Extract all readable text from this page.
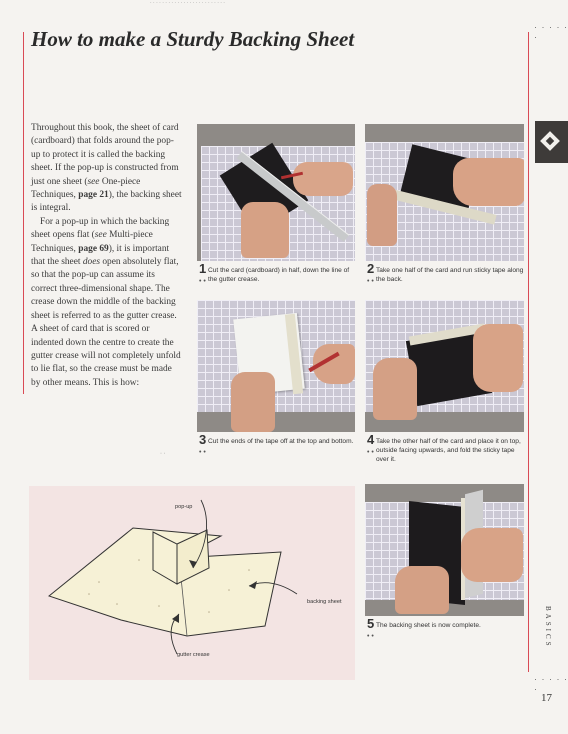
· · · · · · · · · · · · · · · · · · · · · · · · ·
How to make a Sturdy Backing Sheet	· · · · · ·
BASICS
· · · · · ·
17

Throughout this book, the sheet of card (cardboard) that folds around the pop-up to protect it is called the backing sheet. If the pop-up is constructed from just one sheet (see One-piece Techniques, page 21), the backing sheet is integral.

For a pop-up in which the backing sheet opens flat (see Multi-piece Techniques, page 69), it is important that the sheet does open absolutely flat, so that the pop-up can assume its correct three-dimensional shape. The crease down the middle of the backing sheet is referred to as the gutter crease. A sheet of card that is scored or indented down the centre to create the gutter crease will not completely unfold to lie flat, so the crease must be made by other means. This is how:

· ·
1
• •
Cut the card (cardboard) in half, down the line of the gutter crease.
2
• •
Take one half of the card and run sticky tape along the back.
3
• •
Cut the ends of the tape off at the top and bottom. 4
• •
Take the other half of the card and place it on top, outside facing upwards, and fold the sticky tape over it.
5
• •
The backing sheet is now complete.
pop-up
backing sheet
gutter crease
